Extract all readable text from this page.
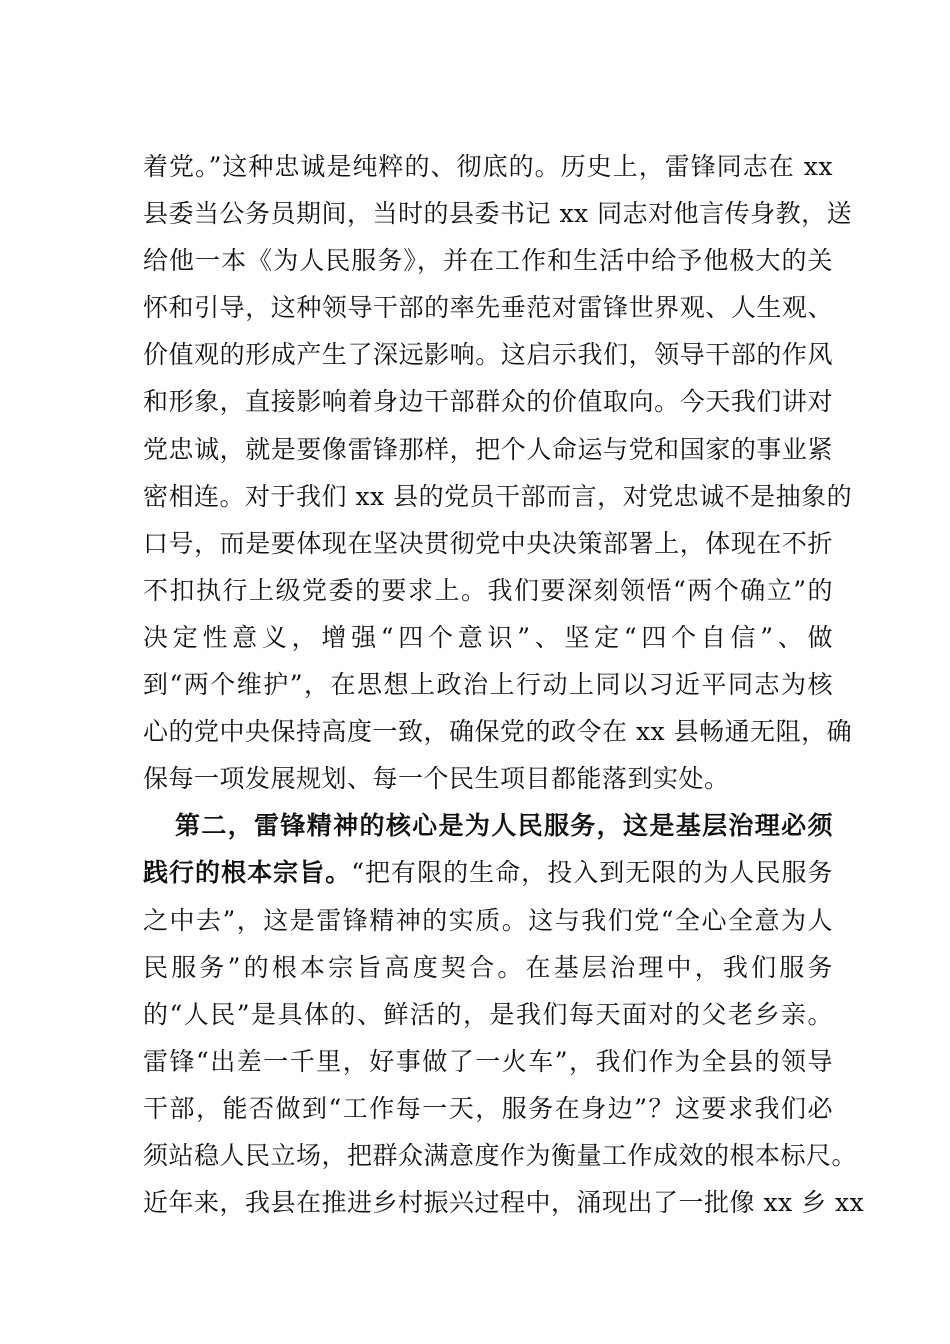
着党。”这种忠诚是纯粹的、彻底的。历史上，雷锋同志在 xx
县委当公务员期间，当时的县委书记 xx 同志对他言传身教，送
给他一本《为人民服务》，并在工作和生活中给予他极大的关
怀和引导，这种领导干部的率先垂范对雷锋世界观、人生观、
价值观的形成产生了深远影响。这启示我们，领导干部的作风
和形象，直接影响着身边干部群众的价值取向。今天我们讲对
党忠诚，就是要像雷锋那样，把个人命运与党和国家的事业紧
密相连。对于我们 xx 县的党员干部而言，对党忠诚不是抽象的
口号，而是要体现在坚决贯彻党中央决策部署上，体现在不折
不扣执行上级党委的要求上。我们要深刻领悟“两个确立”的
决定性意义，增强“四个意识”、坚定“四个自信”、做
到“两个维护”，在思想上政治上行动上同以习近平同志为核
心的党中央保持高度一致，确保党的政令在 xx 县畅通无阻，确
保每一项发展规划、每一个民生项目都能落到实处。
第二，雷锋精神的核心是为人民服务，这是基层治理必须
践行的根本宗旨。“把有限的生命，投入到无限的为人民服务
之中去”，这是雷锋精神的实质。这与我们党“全心全意为人
民服务”的根本宗旨高度契合。在基层治理中，我们服务
的“人民”是具体的、鲜活的，是我们每天面对的父老乡亲。
雷锋“出差一千里，好事做了一火车”，我们作为全县的领导
干部，能否做到“工作每一天，服务在身边”？这要求我们必
须站稳人民立场，把群众满意度作为衡量工作成效的根本标尺。
近年来，我县在推进乡村振兴过程中，涌现出了一批像 xx 乡 xx
